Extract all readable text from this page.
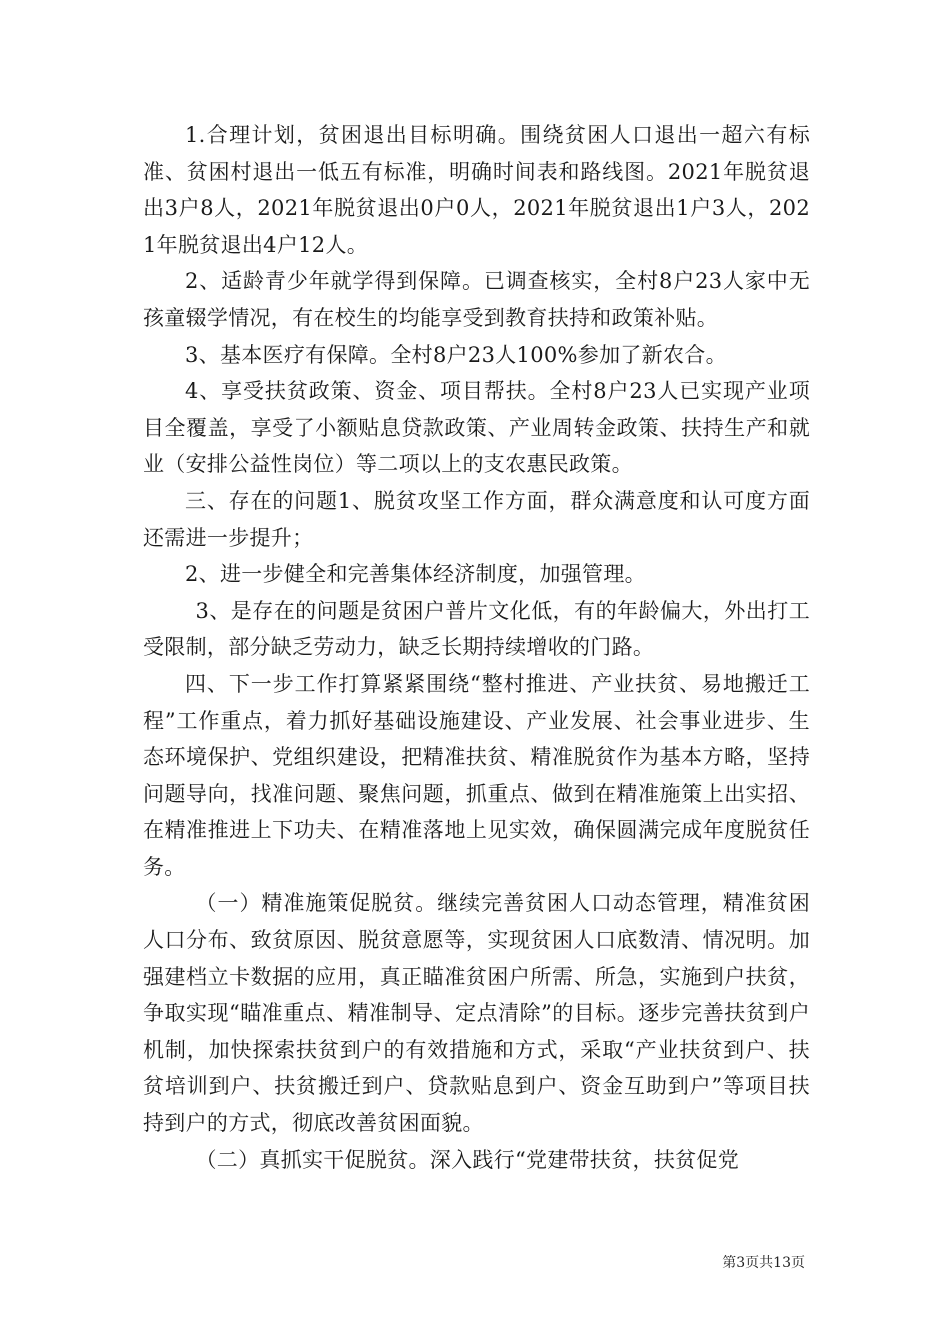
1.合理计划，贫困退出目标明确。围绕贫困人口退出一超六有标准、贫困村退出一低五有标准，明确时间表和路线图。2021年脱贫退出3户8人，2021年脱贫退出0户0人，2021年脱贫退出1户3人，2021年脱贫退出4户12人。

2、适龄青少年就学得到保障。已调查核实，全村8户23人家中无孩童辍学情况，有在校生的均能享受到教育扶持和政策补贴。

3、基本医疗有保障。全村8户23人100%参加了新农合。

4、享受扶贫政策、资金、项目帮扶。全村8户23人已实现产业项目全覆盖，享受了小额贴息贷款政策、产业周转金政策、扶持生产和就业（安排公益性岗位）等二项以上的支农惠民政策。

三、存在的问题1、脱贫攻坚工作方面，群众满意度和认可度方面还需进一步提升；

2、进一步健全和完善集体经济制度，加强管理。

3、是存在的问题是贫困户普片文化低，有的年龄偏大，外出打工受限制，部分缺乏劳动力，缺乏长期持续增收的门路。

四、下一步工作打算紧紧围绕“整村推进、产业扶贫、易地搬迁工程”工作重点，着力抓好基础设施建设、产业发展、社会事业进步、生态环境保护、党组织建设，把精准扶贫、精准脱贫作为基本方略，坚持问题导向，找准问题、聚焦问题，抓重点、做到在精准施策上出实招、在精准推进上下功夫、在精准落地上见实效，确保圆满完成年度脱贫任务。

（一）精准施策促脱贫。继续完善贫困人口动态管理，精准贫困人口分布、致贫原因、脱贫意愿等，实现贫困人口底数清、情况明。加强建档立卡数据的应用，真正瞄准贫困户所需、所急，实施到户扶贫，争取实现“瞄准重点、精准制导、定点清除”的目标。逐步完善扶贫到户机制，加快探索扶贫到户的有效措施和方式，采取“产业扶贫到户、扶贫培训到户、扶贫搬迁到户、贷款贴息到户、资金互助到户”等项目扶持到户的方式，彻底改善贫困面貌。

（二）真抓实干促脱贫。深入践行“党建带扶贫，扶贫促党

第3页共13页
